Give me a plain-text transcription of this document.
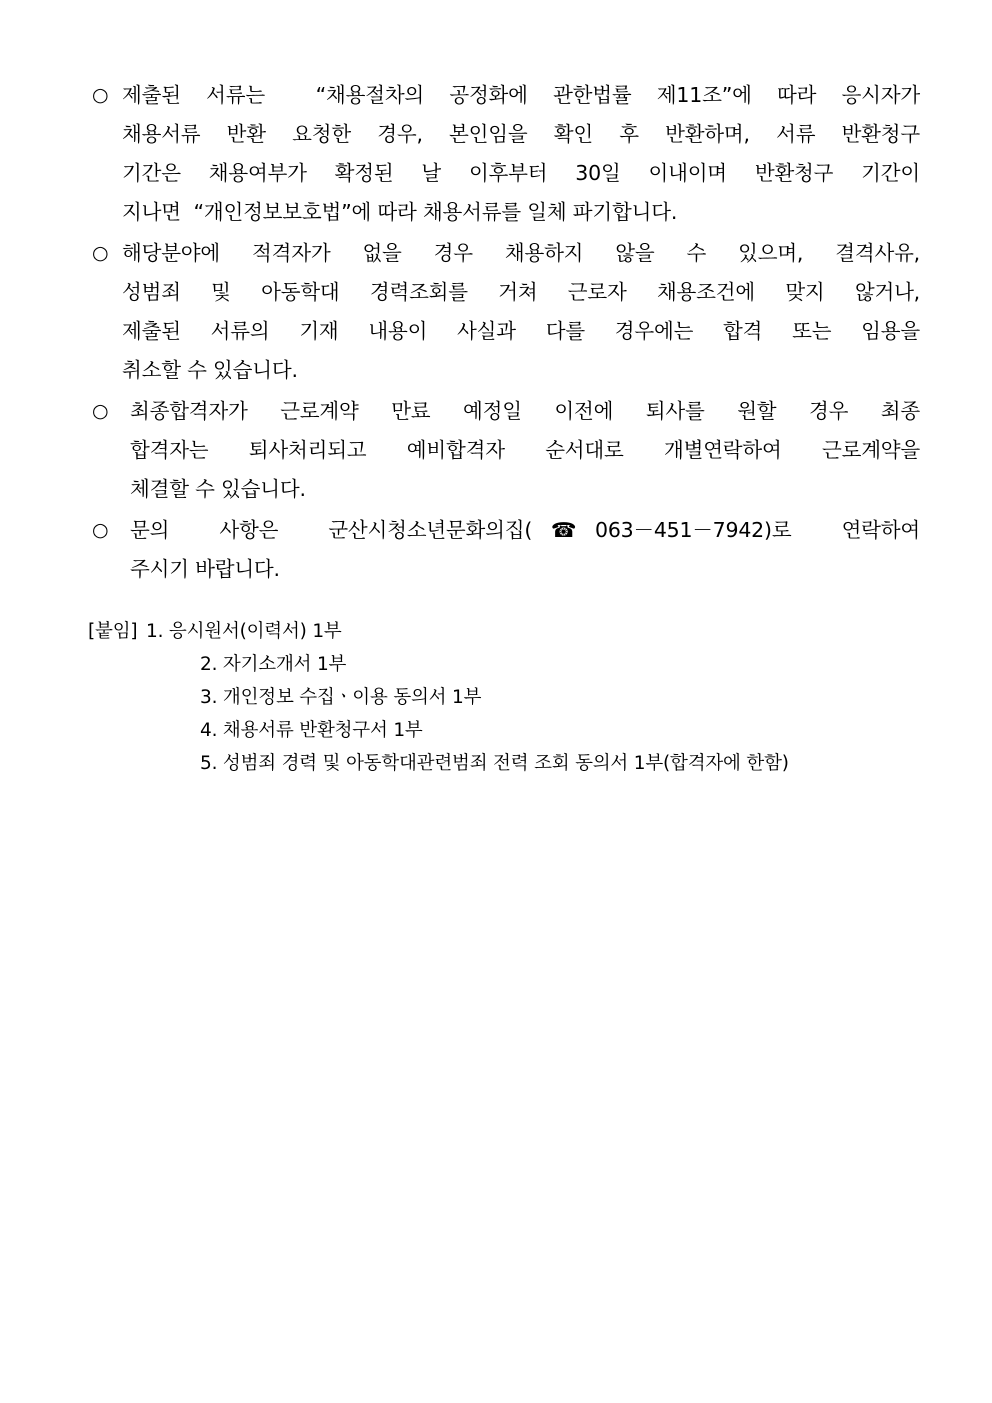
○ 제출된 서류는  “채용절차의 공정화에 관한법률 제11조”에 따라 응시자가
채용서류 반환 요청한 경우, 본인임을 확인 후 반환하며, 서류 반환청구
기간은 채용여부가 확정된 날 이후부터 30일 이내이며 반환청구 기간이
지나면  “개인정보보호법”에 따라 채용서류를 일체 파기합니다.
○ 해당분야에 적격자가 없을 경우 채용하지 않을 수 있으며, 결격사유,
성범죄 및 아동학대 경력조회를 거쳐 근로자 채용조건에 맞지 않거나,
제출된 서류의 기재 내용이 사실과 다를 경우에는 합격 또는 임용을
취소할 수 있습니다.
○	최종합격자가 근로계약 만료 예정일 이전에 퇴사를 원할 경우 최종
합격자는 퇴사처리되고 예비합격자 순서대로 개별연락하여 근로계약을
체결할 수 있습니다.
○	문의  사항은  군산시청소년문화의집(☎063－451－7942)로  연락하여
주시기 바랍니다.
[붙임] 1. 응시원서(이력서) 1부
2. 자기소개서 1부
3. 개인정보 수집ㆍ이용 동의서 1부
4. 채용서류 반환청구서 1부
5. 성범죄 경력 및 아동학대관련범죄 전력 조회 동의서 1부(합격자에 한함)
